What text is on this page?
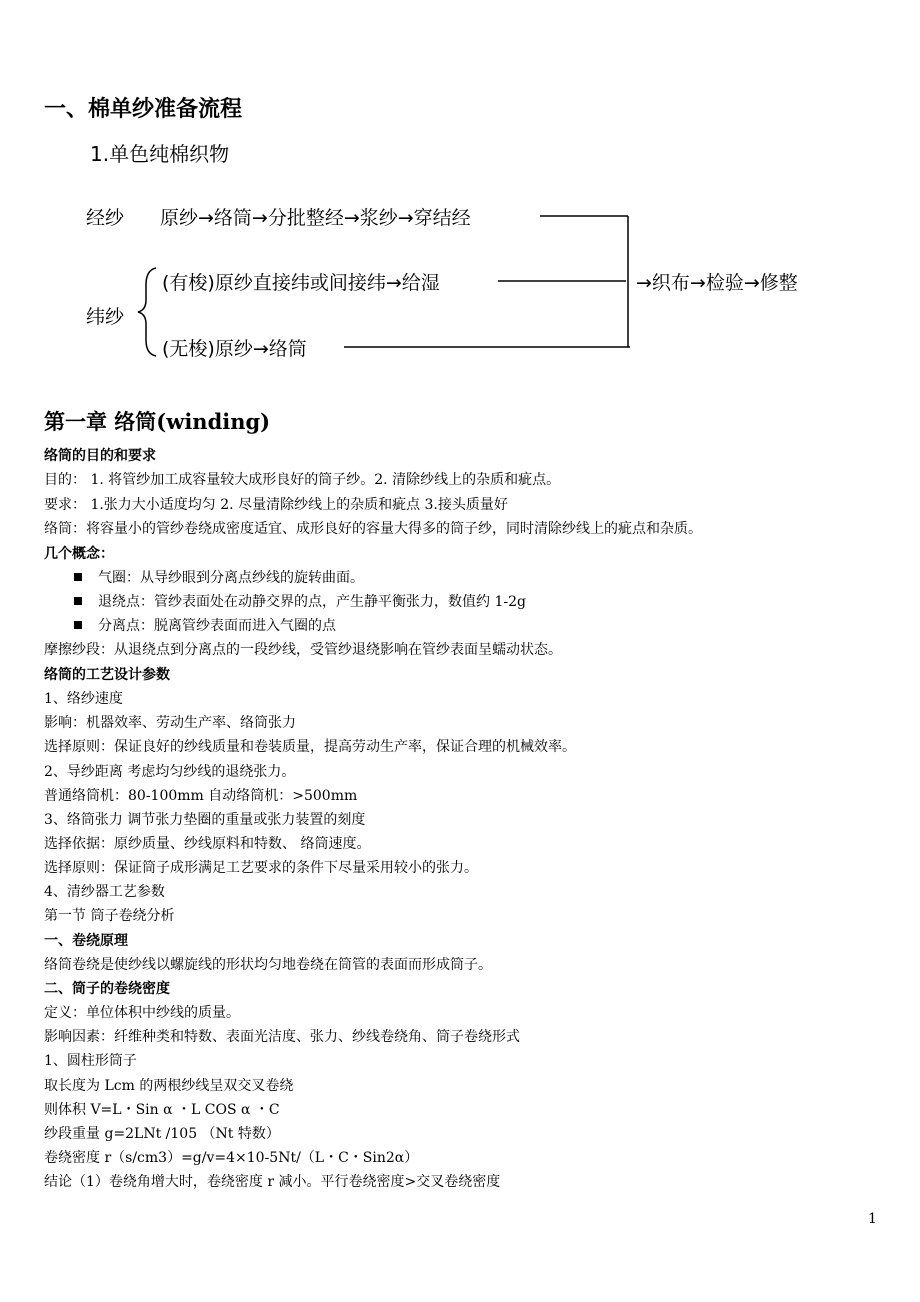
一、棉单纱准备流程
1.单色纯棉织物
经纱 原纱→络筒→分批整经→浆纱→穿结经
纬纱
(有梭)原纱直接纬或间接纬→给湿
(无梭)原纱→络筒
→织布→检验→修整
第一章 络筒(winding)
络筒的目的和要求
目的： 1. 将管纱加工成容量较大成形良好的筒子纱。2. 清除纱线上的杂质和疵点。
要求： 1.张力大小适度均匀 2. 尽量清除纱线上的杂质和疵点 3.接头质量好
络筒：将容量小的管纱卷绕成密度适宜、成形良好的容量大得多的筒子纱，同时清除纱线上的疵点和杂质。
几个概念：
气圈：从导纱眼到分离点纱线的旋转曲面。
退绕点：管纱表面处在动静交界的点，产生静平衡张力，数值约 1-2g
分离点：脱离管纱表面而进入气圈的点
摩擦纱段：从退绕点到分离点的一段纱线，受管纱退绕影响在管纱表面呈蠕动状态。
络筒的工艺设计参数
1、络纱速度
影响：机器效率、劳动生产率、络筒张力
选择原则：保证良好的纱线质量和卷装质量，提高劳动生产率，保证合理的机械效率。
2、导纱距离 考虑均匀纱线的退绕张力。
普通络筒机：80-100mm 自动络筒机：>500mm
3、络筒张力 调节张力垫圈的重量或张力装置的刻度
选择依据：原纱质量、纱线原料和特数、 络筒速度。
选择原则：保证筒子成形满足工艺要求的条件下尽量采用较小的张力。
4、清纱器工艺参数
第一节 筒子卷绕分析
一、卷绕原理
络筒卷绕是使纱线以螺旋线的形状均匀地卷绕在筒管的表面而形成筒子。
二、筒子的卷绕密度
定义：单位体积中纱线的质量。
影响因素：纤维种类和特数、表面光洁度、张力、纱线卷绕角、筒子卷绕形式
1、圆柱形筒子
取长度为 Lcm 的两根纱线呈双交叉卷绕
则体积 V=L・Sin α ・L COS α ・C
纱段重量 g=2LNt /105 （Nt 特数）
卷绕密度 r（s/cm3）=g/v=4×10-5Nt/（L・C・Sin2α）
结论（1）卷绕角增大时，卷绕密度 r 减小。平行卷绕密度>交叉卷绕密度
1
